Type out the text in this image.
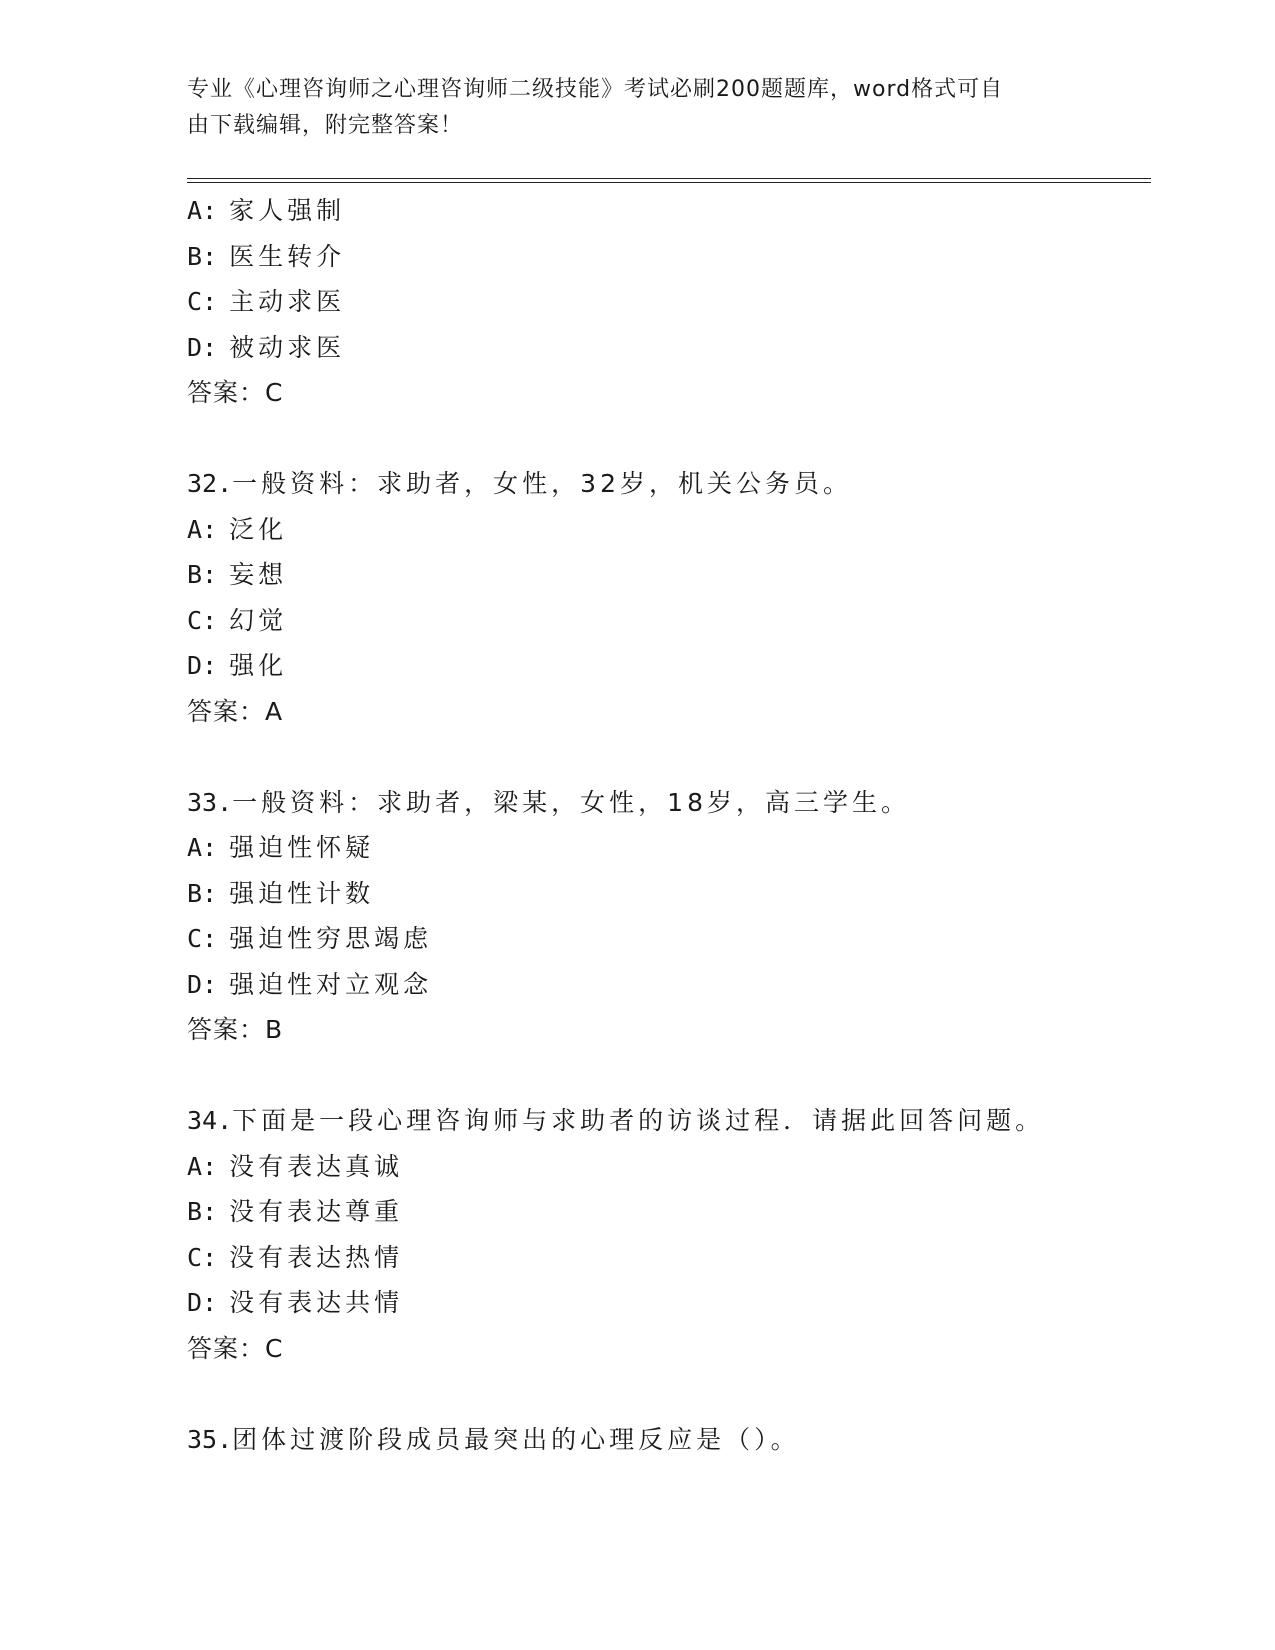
专业《心理咨询师之心理咨询师二级技能》考试必刷200题题库，word格式可自
由下载编辑，附完整答案！
A: 家人强制
B: 医生转介
C: 主动求医
D: 被动求医
答案：C
32.一般资料：求助者，女性，32岁，机关公务员。
A: 泛化
B: 妄想
C: 幻觉
D: 强化
答案：A
33.一般资料：求助者，梁某，女性，18岁，高三学生。
A: 强迫性怀疑
B: 强迫性计数
C: 强迫性穷思竭虑
D: 强迫性对立观念
答案：B
34.下面是一段心理咨询师与求助者的访谈过程．请据此回答问题。
A: 没有表达真诚
B: 没有表达尊重
C: 没有表达热情
D: 没有表达共情
答案：C
35.团体过渡阶段成员最突出的心理反应是（）。
